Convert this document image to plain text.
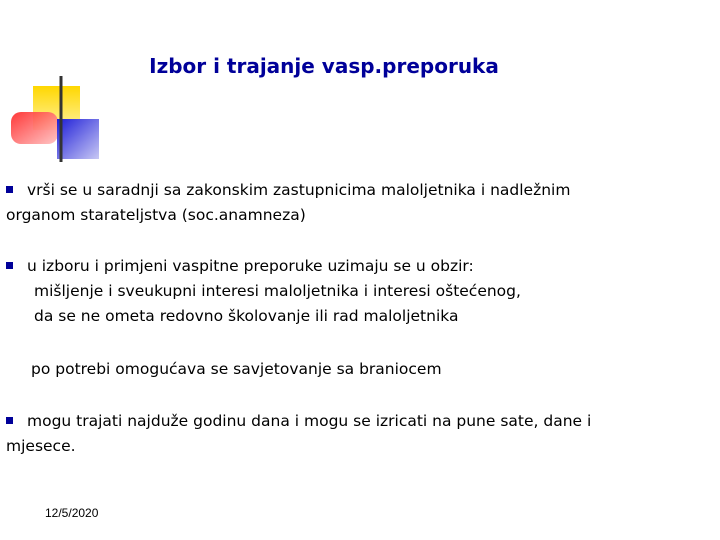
Izbor i trajanje vasp.preporuka
vrši se u saradnji sa zakonskim zastupnicima maloljetnika i nadležnim
organom starateljstva (soc.anamneza)
u izboru i primjeni vaspitne preporuke uzimaju se u obzir:
mišljenje i sveukupni interesi maloljetnika i interesi oštećenog,
da se ne ometa redovno školovanje ili rad maloljetnika
po potrebi omogućava se savjetovanje sa braniocem
mogu trajati najduže godinu dana i mogu se izricati na pune sate, dane i
mjesece.
12/5/2020
